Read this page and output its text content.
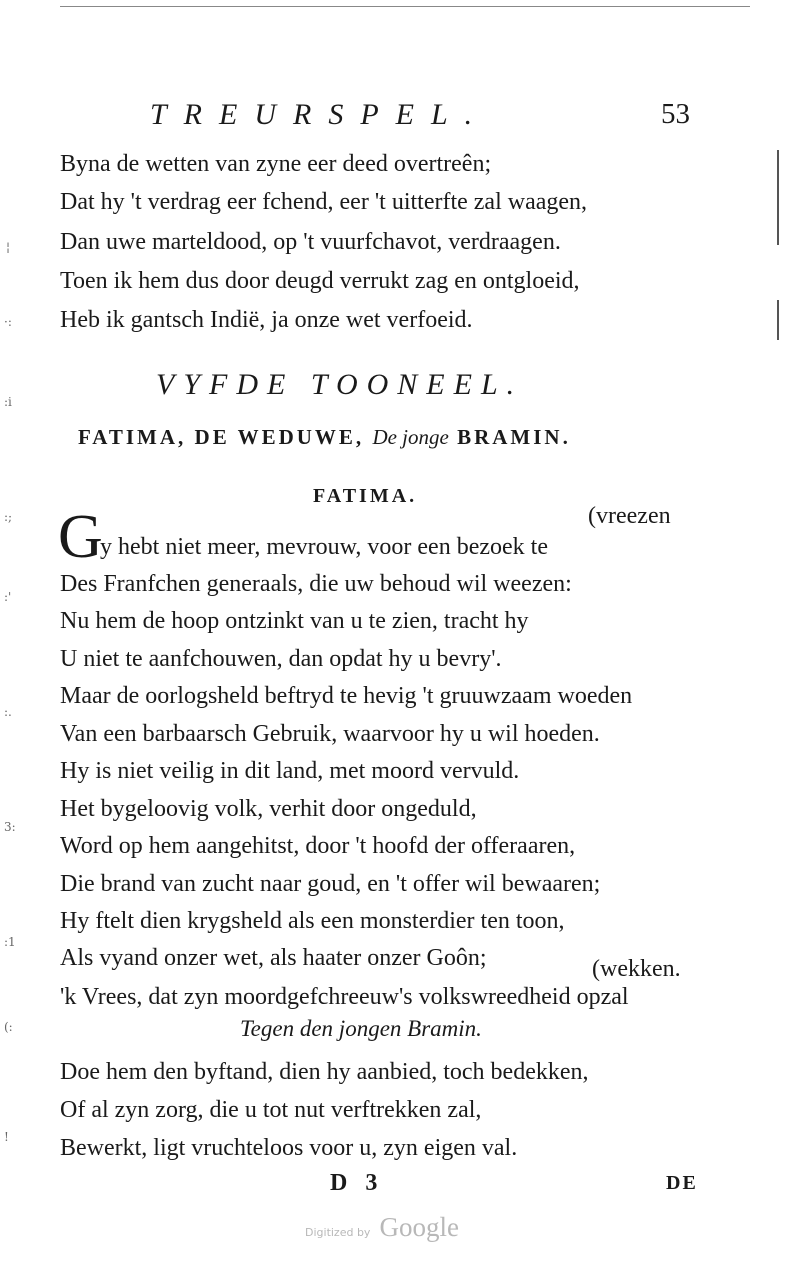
¦
·:
:i
:;
:'
:.
3:
:1
(:
!
TREURSPEL.	53
Byna de wetten van zyne eer deed overtreên;
Dat hy 't verdrag eer fchend, eer 't uitterfte zal waagen,
Dan uwe marteldood, op 't vuurfchavot, verdraagen.
Toen ik hem dus door deugd verrukt zag en ontgloeid,
Heb ik gantsch Indië, ja onze wet verfoeid.
VYFDE TOONEEL.
FATIMA, DE WEDUWE, De jonge BRAMIN.
FATIMA.
(vreezen
G
y hebt niet meer, mevrouw, voor een bezoek te
Des Franfchen generaals, die uw behoud wil weezen:
Nu hem de hoop ontzinkt van u te zien, tracht hy
U niet te aanfchouwen, dan opdat hy u bevry'.
Maar de oorlogsheld beftryd te hevig 't gruuwzaam woeden
Van een barbaarsch Gebruik, waarvoor hy u wil hoeden.
Hy is niet veilig in dit land, met moord vervuld.
Het bygeloovig volk, verhit door ongeduld,
Word op hem aangehitst, door 't hoofd der offeraaren,
Die brand van zucht naar goud, en 't offer wil bewaaren;
Hy ftelt dien krygsheld als een monsterdier ten toon,
Als vyand onzer wet, als haater onzer Goôn;	(wekken.
'k Vrees, dat zyn moordgefchreeuw's volkswreedheid opzal
Tegen den jongen Bramin.
Doe hem den byftand, dien hy aanbied, toch bedekken,
Of al zyn zorg, die u tot nut verftrekken zal,
Bewerkt, ligt vruchteloos voor u, zyn eigen val.
D 3	DE
Digitized by Google
